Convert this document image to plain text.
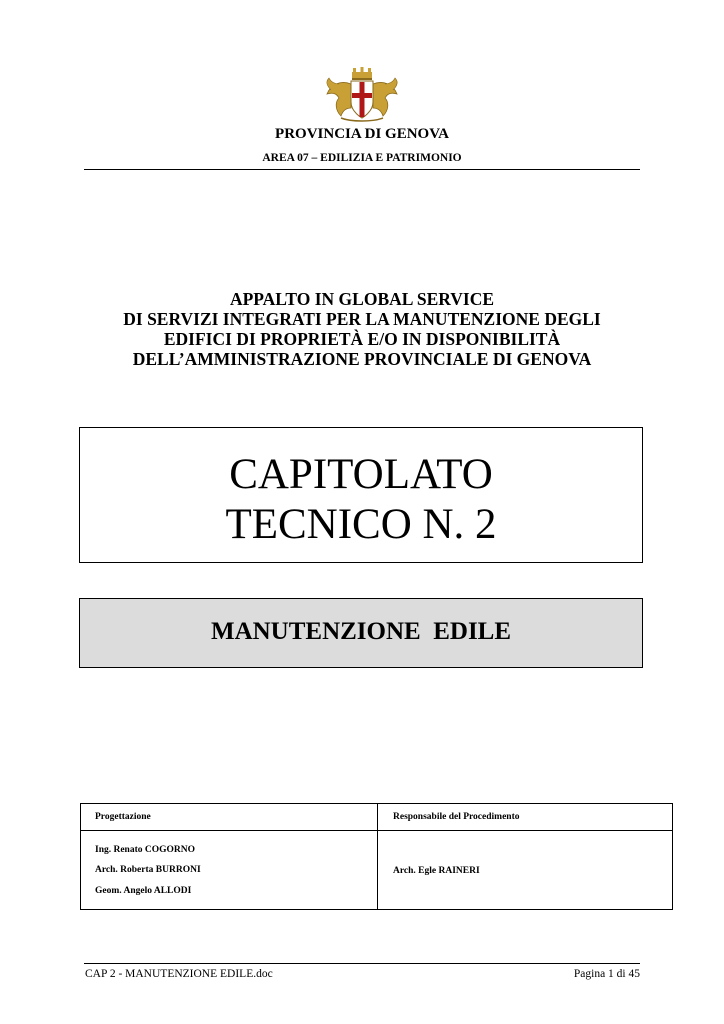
PROVINCIA DI GENOVA
AREA 07 – EDILIZIA E PATRIMONIO
APPALTO IN GLOBAL SERVICE
DI SERVIZI INTEGRATI PER LA MANUTENZIONE DEGLI
EDIFICI DI PROPRIETÀ E/O IN DISPONIBILITÀ
DELL’AMMINISTRAZIONE PROVINCIALE DI GENOVA
CAPITOLATO
TECNICO N. 2
MANUTENZIONE  EDILE
Progettazione	Responsabile del Procedimento
Ing. Renato COGORNO
Arch. Roberta BURRONI
Geom. Angelo ALLODI
Arch. Egle RAINERI
CAP 2 - MANUTENZIONE EDILE.doc	Pagina 1 di 45
